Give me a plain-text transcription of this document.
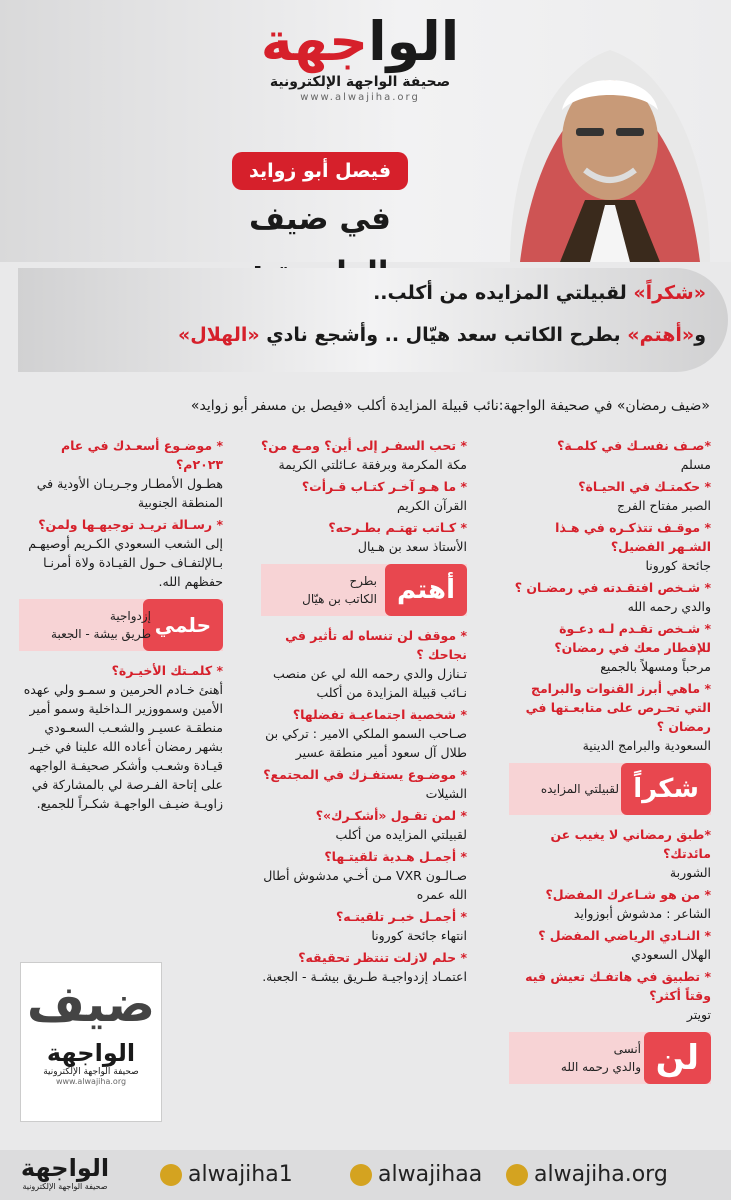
الواجهة
صحيفة الواجهة الإلكترونية
www.alwajiha.org
فيصل أبو زوايد
في ضيف
«شكراً» لقبيلتي المزايده من أكلب..
و«أهتم» بطرح الكاتب سعد هيّال .. وأشجع نادي «الهلال»
«ضيف رمضان» في صحيفة الواجهة:نائب قبيلة المزايدة أكلب «فيصل بن مسفر أبو زوايد»
*صـف نفسـك في كلمـة؟
مسلم
* حكمتـك في الحيـاة؟
الصبر مفتاح الفرج
* موقـف تتذكـره في هـذا الشـهر الفضيل؟
جائحة كورونا
* شـخص افتقـدته في رمضـان ؟
والدي رحمه الله
* شـخص تقـدم لـه دعـوة للإفطار معك في رمضان؟
مرحباً ومسهلاً بالجميع
* ماهي أبرز القنوات والبرامج التي تحـرص على متابعـتها في رمضان ؟
السعودية والبرامج الدينية
شكراً
لقبيلتي المزايده
*طبق رمضاني لا يغيب عن مائدتك؟
الشوربة
* من هو شـاعرك المفضل؟
الشاعر : مدشوش أبوزوايد
* النـادي الرياضي المفضل ؟
الهلال السعودي
* تطبيق في هاتفـك تعيش فيه وقتاً أكثر؟
تويتر
لن
أنسى
والدي رحمه الله
* تحب السفـر إلى أين؟ ومـع من؟
مكة المكرمة وبرفقة عـائلتي الكريمة
* ما هـو آخـر كتـاب قـرأت؟
القرآن الكريم
* كـاتب تهتـم بطـرحه؟
الأستاذ سعد بن هـيال
أهتم
بطرح
الكاتب بن هيّال
* موقف لن تنساه له تأثير في نجاحك ؟
تـنازل والدي رحمه الله لي عن منصب نـائب قبيلة المزايدة من أكلب
* شخصية اجتماعيـة تفضلها؟
صـاحب السمو الملكي الامير : تركي بن طلال آل سعود أمير منطقة عسير
* موضـوع يستفـزك في المجتمع؟
الشيلات
* لمن تقـول «أشكـرك»؟
لقبيلتي المزايده من أكلب
* أجمـل هـدية تلقيتـها؟
صـالـون VXR مـن أخـي مدشوش أطال الله عمره
* أجمـل خبـر تلقيتـه؟
انتهاء جائحة كورونا
* حلم لازلت تنتظر تحقيقه؟
اعتمـاد إزدواجيـة طـريق بيشـة - الجعبة.
* موضـوع أسعـدك في عام ٢٠٢٣م؟
هطـول الأمطـار وجـريـان الأودية في المنطقة الجنوبية
* رسـالة تريـد توجيهـها ولمن؟
إلى الشعب السعودي الكـريم أوصيهـم بـالإلتفـاف حـول القيـادة ولاة أمرنـا حفظهم الله.
حلمي
إزدواجية
طريق بيشة - الجعبة
* كلمـتك الأخيـرة؟
أهنئ خـادم الحرمين و سمـو ولي عهده الأمين وسمووزير الـداخلية وسمو أمير منطقـة عسيـر والشعـب السعـودي بشهر رمضان أعاده الله علينا في خيـر قيـادة وشعـب وأشكر صحيفـة الواجهه على إتاحة الفـرصة لي بالمشاركة في زاويـة ضيـف الواجهـة شكـراً للجميع.
ضيف
الواجهة
صحيفة الواجهة الإلكترونية
www.alwajiha.org
الواجهة
صحيفة الواجهة الإلكترونية	alwajiha1	alwajihaa	alwajiha.org
